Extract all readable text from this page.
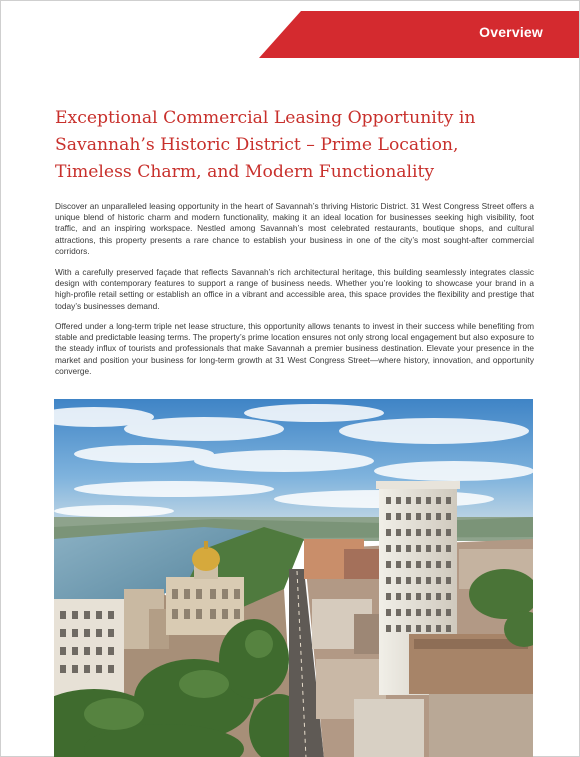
Overview
Exceptional Commercial Leasing Opportunity in Savannah’s Historic District – Prime Location, Timeless Charm, and Modern Functionality

Discover an unparalleled leasing opportunity in the heart of Savannah’s thriving Historic District. 31 West Congress Street offers a unique blend of historic charm and modern functionality, making it an ideal location for businesses seeking high visibility, foot traffic, and an inspiring workspace. Nestled among Savannah’s most celebrated restaurants, boutique shops, and cultural attractions, this property presents a rare chance to establish your business in one of the city’s most sought-after commercial corridors.

With a carefully preserved façade that reflects Savannah’s rich architectural heritage, this building seamlessly integrates classic design with contemporary features to support a range of business needs. Whether you’re looking to showcase your brand in a high-profile retail setting or establish an office in a vibrant and accessible area, this space provides the flexibility and prestige that today’s businesses demand.

Offered under a long-term triple net lease structure, this opportunity allows tenants to invest in their success while benefiting from stable and predictable leasing terms. The property’s prime location ensures not only strong local engagement but also exposure to the steady influx of tourists and professionals that make Savannah a premier business destination. Elevate your presence in the market and position your business for long-term growth at 31 West Congress Street—where history, innovation, and opportunity converge.
